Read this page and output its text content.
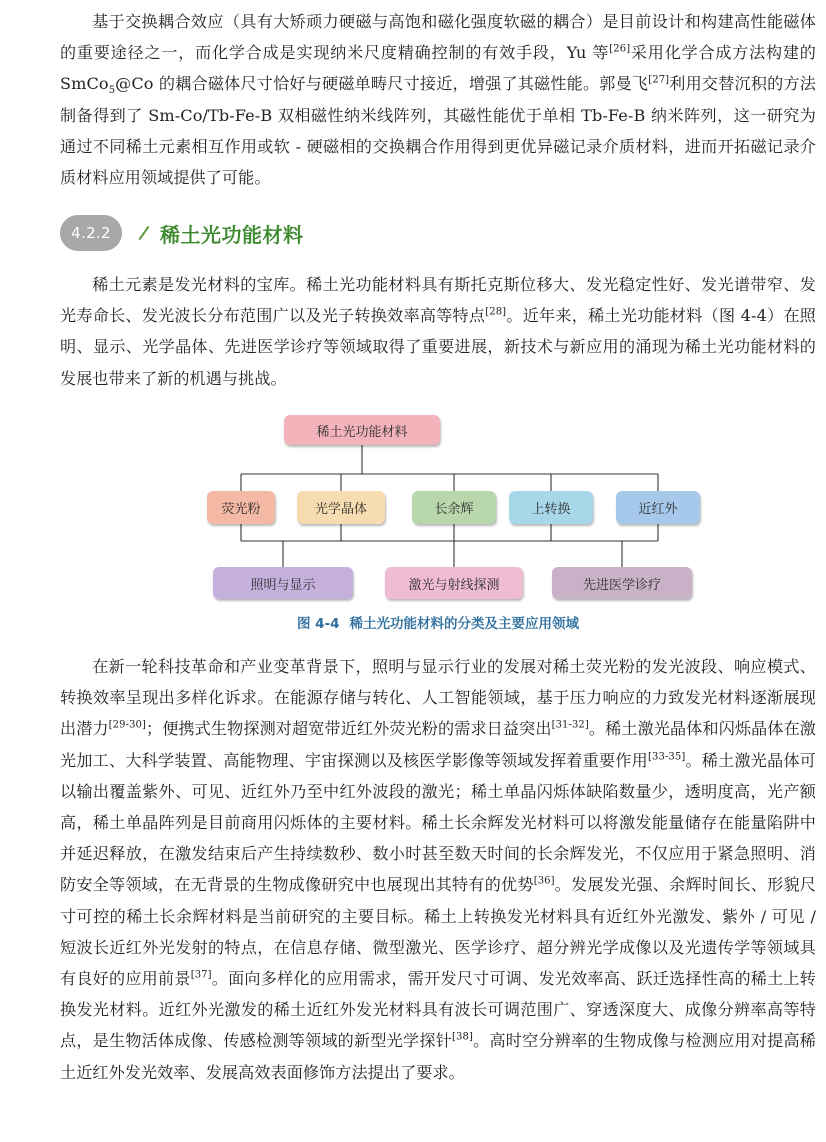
基于交换耦合效应（具有大矫顽力硬磁与高饱和磁化强度软磁的耦合）是目前设计和构建高性能磁体的重要途径之一，而化学合成是实现纳米尺度精确控制的有效手段，Yu 等[26]采用化学合成方法构建的 SmCo$_5$@Co 的耦合磁体尺寸恰好与硬磁单畴尺寸接近，增强了其磁性能。郭曼飞[27]利用交替沉积的方法制备得到了 Sm-Co/Tb-Fe-B 双相磁性纳米线阵列，其磁性能优于单相 Tb-Fe-B 纳米阵列，这一研究为通过不同稀土元素相互作用或软 - 硬磁相的交换耦合作用得到更优异磁记录介质材料，进而开拓磁记录介质材料应用领域提供了可能。

4.2.2	稀土光功能材料

稀土元素是发光材料的宝库。稀土光功能材料具有斯托克斯位移大、发光稳定性好、发光谱带窄、发光寿命长、发光波长分布范围广以及光子转换效率高等特点[28]。近年来，稀土光功能材料（图 4-4）在照明、显示、光学晶体、先进医学诊疗等领域取得了重要进展，新技术与新应用的涌现为稀土光功能材料的发展也带来了新的机遇与挑战。

稀土光功能材料
荧光粉	光学晶体	长余辉	上转换	近红外
照明与显示	激光与射线探测	先进医学诊疗
图 4-4 稀土光功能材料的分类及主要应用领域

在新一轮科技革命和产业变革背景下，照明与显示行业的发展对稀土荧光粉的发光波段、响应模式、转换效率呈现出多样化诉求。在能源存储与转化、人工智能领域，基于压力响应的力致发光材料逐渐展现出潜力[29-30]；便携式生物探测对超宽带近红外荧光粉的需求日益突出[31-32]。稀土激光晶体和闪烁晶体在激光加工、大科学装置、高能物理、宇宙探测以及核医学影像等领域发挥着重要作用[33-35]。稀土激光晶体可以输出覆盖紫外、可见、近红外乃至中红外波段的激光；稀土单晶闪烁体缺陷数量少，透明度高，光产额高，稀土单晶阵列是目前商用闪烁体的主要材料。稀土长余辉发光材料可以将激发能量储存在能量陷阱中并延迟释放，在激发结束后产生持续数秒、数小时甚至数天时间的长余辉发光，不仅应用于紧急照明、消防安全等领域，在无背景的生物成像研究中也展现出其特有的优势[36]。发展发光强、余辉时间长、形貌尺寸可控的稀土长余辉材料是当前研究的主要目标。稀土上转换发光材料具有近红外光激发、紫外 / 可见 / 短波长近红外光发射的特点，在信息存储、微型激光、医学诊疗、超分辨光学成像以及光遗传学等领域具有良好的应用前景[37]。面向多样化的应用需求，需开发尺寸可调、发光效率高、跃迁选择性高的稀土上转换发光材料。近红外光激发的稀土近红外发光材料具有波长可调范围广、穿透深度大、成像分辨率高等特点，是生物活体成像、传感检测等领域的新型光学探针[38]。高时空分辨率的生物成像与检测应用对提高稀土近红外发光效率、发展高效表面修饰方法提出了要求。
